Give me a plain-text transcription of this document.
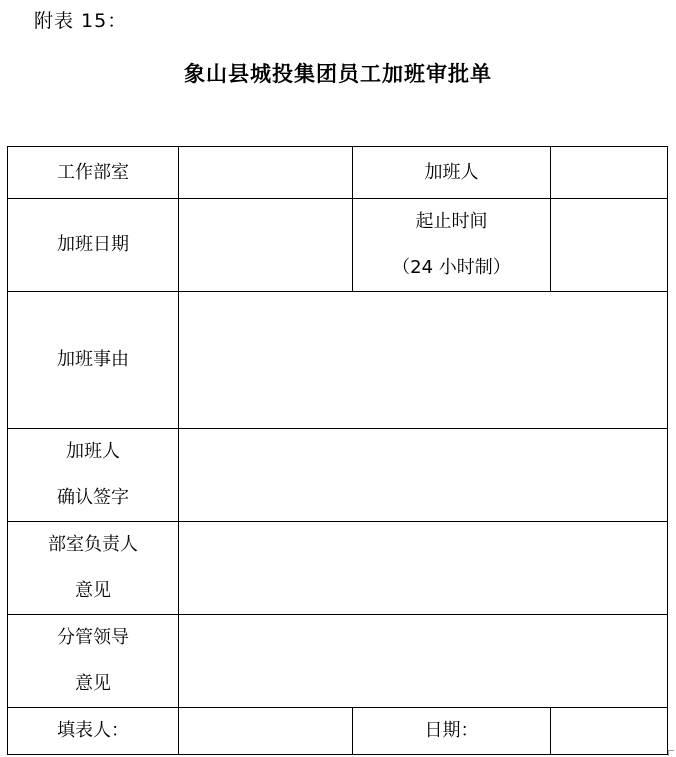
附表 15：
象山县城投集团员工加班审批单
工作部室		加班人	
加班日期		起止时间
（24 小时制）	

加班事由			

加班人
确认签字			

部室负责人
意见			

分管领导
意见			

填表人：		日期：	
